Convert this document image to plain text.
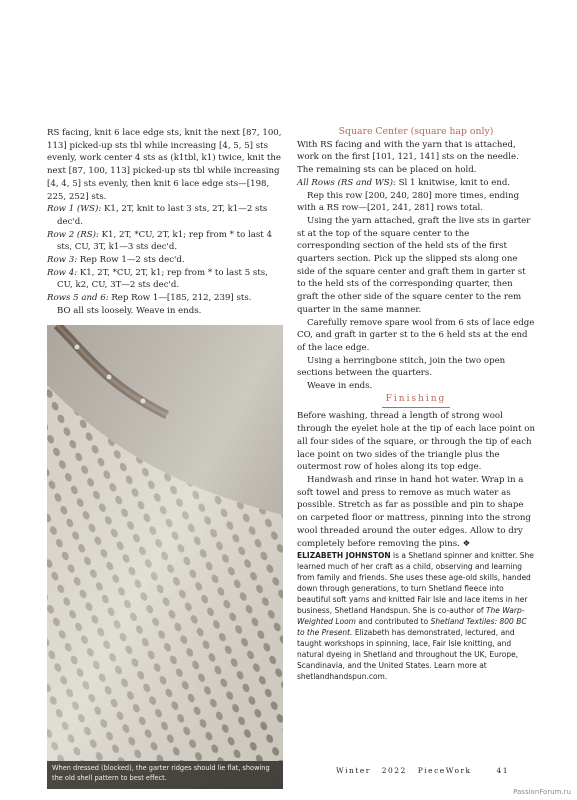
RS facing, knit 6 lace edge sts, knit the next [87, 100, 113] picked-up sts tbl while increasing [4, 5, 5] sts evenly, work center 4 sts as (k1tbl, k1) twice, knit the next [87, 100, 113] picked-up sts tbl while increasing [4, 4, 5] sts evenly, then knit 6 lace edge sts—[198, 225, 252] sts.

Row 1 (WS): K1, 2T, knit to last 3 sts, 2T, k1—2 sts dec'd.

Row 2 (RS): K1, 2T, *CU, 2T, k1; rep from * to last 4 sts, CU, 3T, k1—3 sts dec'd.

Row 3: Rep Row 1—2 sts dec'd.

Row 4: K1, 2T, *CU, 2T, k1; rep from * to last 5 sts, CU, k2, CU, 3T—2 sts dec'd.

Rows 5 and 6: Rep Row 1—[185, 212, 239] sts.

BO all sts loosely. Weave in ends.

When dressed (blocked), the garter ridges should lie flat, showing the old shell pattern to best effect.

Square Center (square hap only)

With RS facing and with the yarn that is attached, work on the first [101, 121, 141] sts on the needle. The remaining sts can be placed on hold.

All Rows (RS and WS): Sl 1 knitwise, knit to end.

Rep this row [200, 240, 280] more times, ending with a RS row—[201, 241, 281] rows total.

Using the yarn attached, graft the live sts in garter st at the top of the square center to the corresponding section of the held sts of the first quarters section. Pick up the slipped sts along one side of the square center and graft them in garter st to the held sts of the corresponding quarter, then graft the other side of the square center to the rem quarter in the same manner.

Carefully remove spare wool from 6 sts of lace edge CO, and graft in garter st to the 6 held sts at the end of the lace edge.

Using a herringbone stitch, join the two open sections between the quarters.

Weave in ends.

Finishing

Before washing, thread a length of strong wool through the eyelet hole at the tip of each lace point on all four sides of the square, or through the tip of each lace point on two sides of the triangle plus the outermost row of holes along its top edge.

Handwash and rinse in hand hot water. Wrap in a soft towel and press to remove as much water as possible. Stretch as far as possible and pin to shape on carpeted floor or mattress, pinning into the strong wool threaded around the outer edges. Allow to dry completely before removing the pins. ❖

ELIZABETH JOHNSTON is a Shetland spinner and knitter. She learned much of her craft as a child, observing and learning from family and friends. She uses these age-old skills, handed down through generations, to turn Shetland fleece into beautiful soft yarns and knitted Fair Isle and lace items in her business, Shetland Handspun. She is co-author of The Warp-Weighted Loom and contributed to Shetland Textiles: 800 BC to the Present. Elizabeth has demonstrated, lectured, and taught workshops in spinning, lace, Fair Isle knitting, and natural dyeing in Shetland and throughout the UK, Europe, Scandinavia, and the United States. Learn more at shetlandhandspun.com.

Winter 2022 PieceWork	41
PassionForum.ru
